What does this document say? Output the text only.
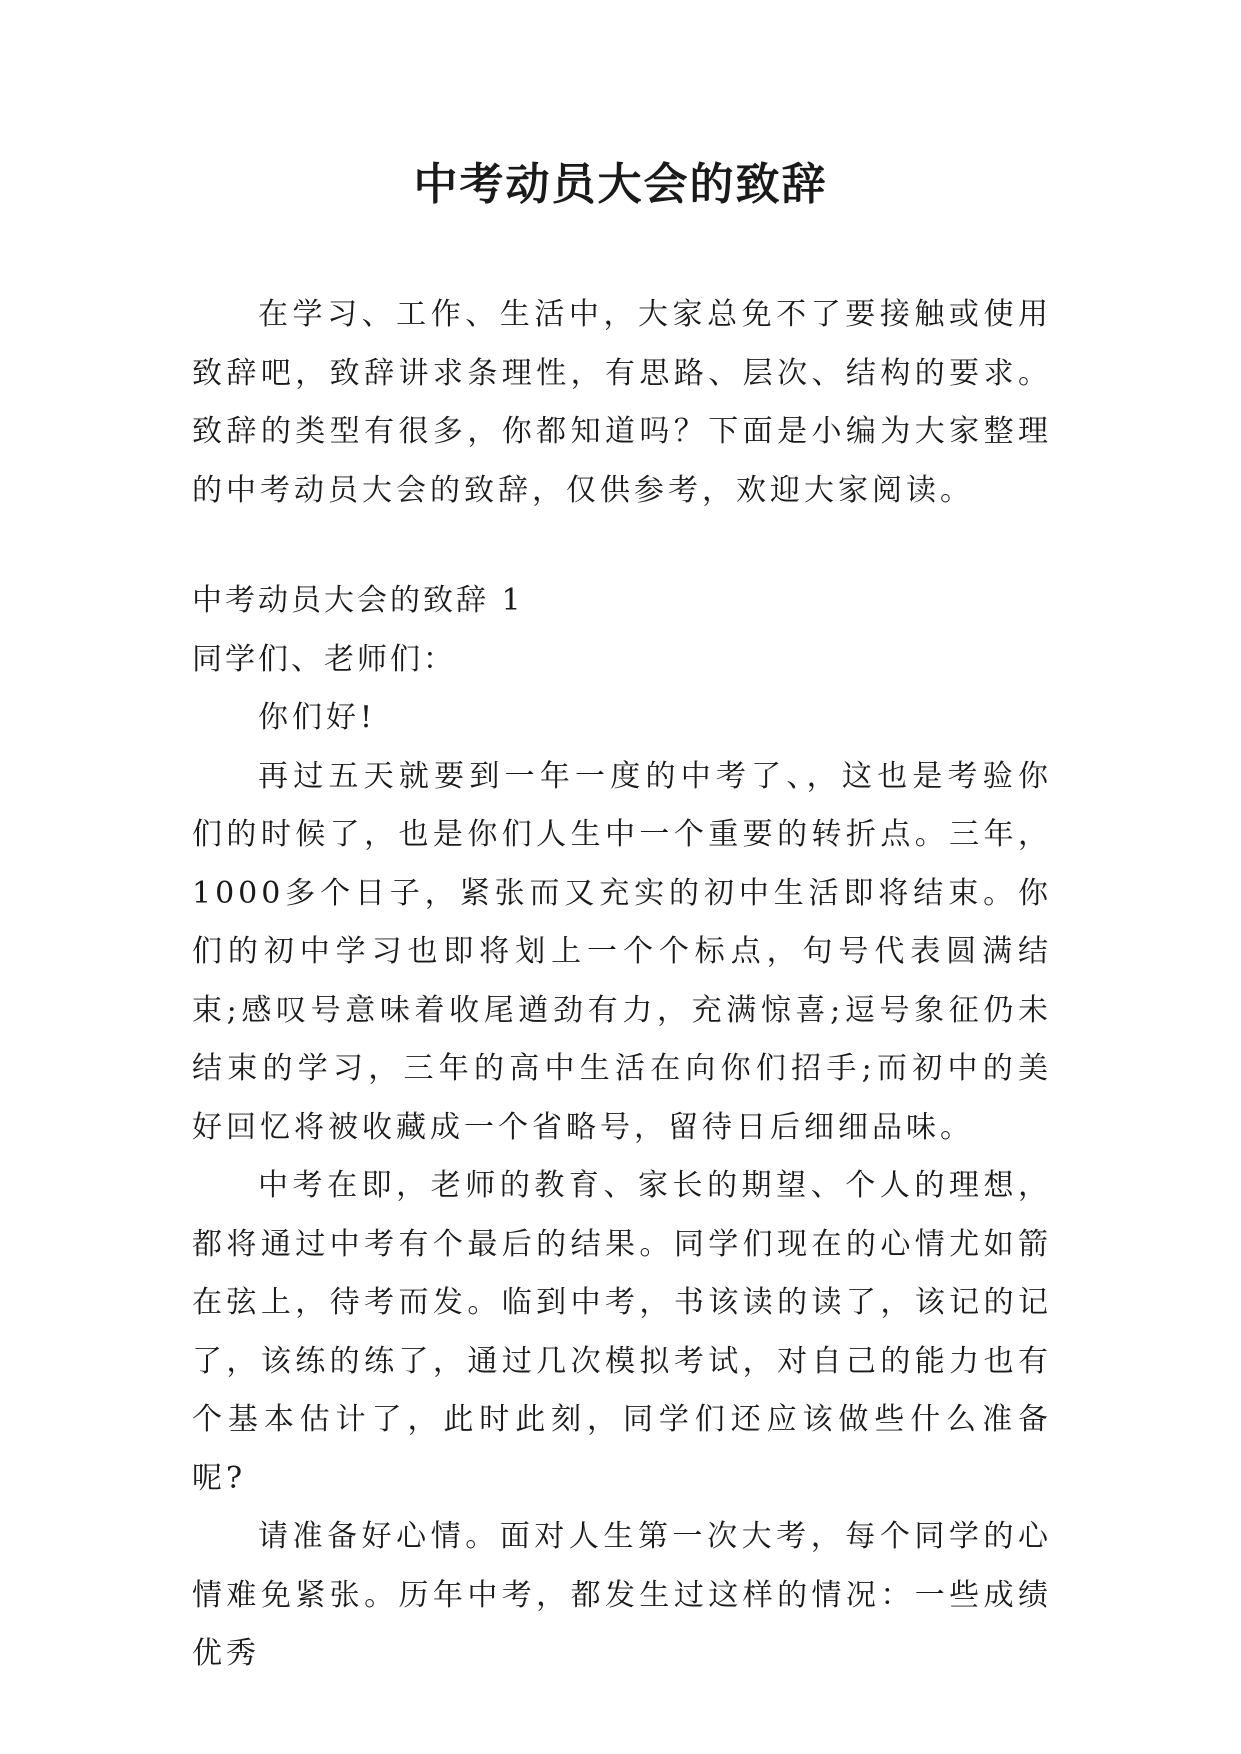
中考动员大会的致辞

在学习、工作、生活中，大家总免不了要接触或使用致辞吧，致辞讲求条理性，有思路、层次、结构的要求。致辞的类型有很多，你都知道吗？下面是小编为大家整理的中考动员大会的致辞，仅供参考，欢迎大家阅读。

中考动员大会的致辞 1

同学们、老师们：

你们好!

再过五天就要到一年一度的中考了、，这也是考验你们的时候了，也是你们人生中一个重要的转折点。三年，1000多个日子，紧张而又充实的初中生活即将结束。你们的初中学习也即将划上一个个标点，句号代表圆满结束;感叹号意味着收尾遒劲有力，充满惊喜;逗号象征仍未结束的学习，三年的高中生活在向你们招手;而初中的美好回忆将被收藏成一个省略号，留待日后细细品味。

中考在即，老师的教育、家长的期望、个人的理想，都将通过中考有个最后的结果。同学们现在的心情尤如箭在弦上，待考而发。临到中考，书该读的读了，该记的记了，该练的练了，通过几次模拟考试，对自己的能力也有个基本估计了，此时此刻，同学们还应该做些什么准备呢?

请准备好心情。面对人生第一次大考，每个同学的心情难免紧张。历年中考，都发生过这样的情况：一些成绩优秀
